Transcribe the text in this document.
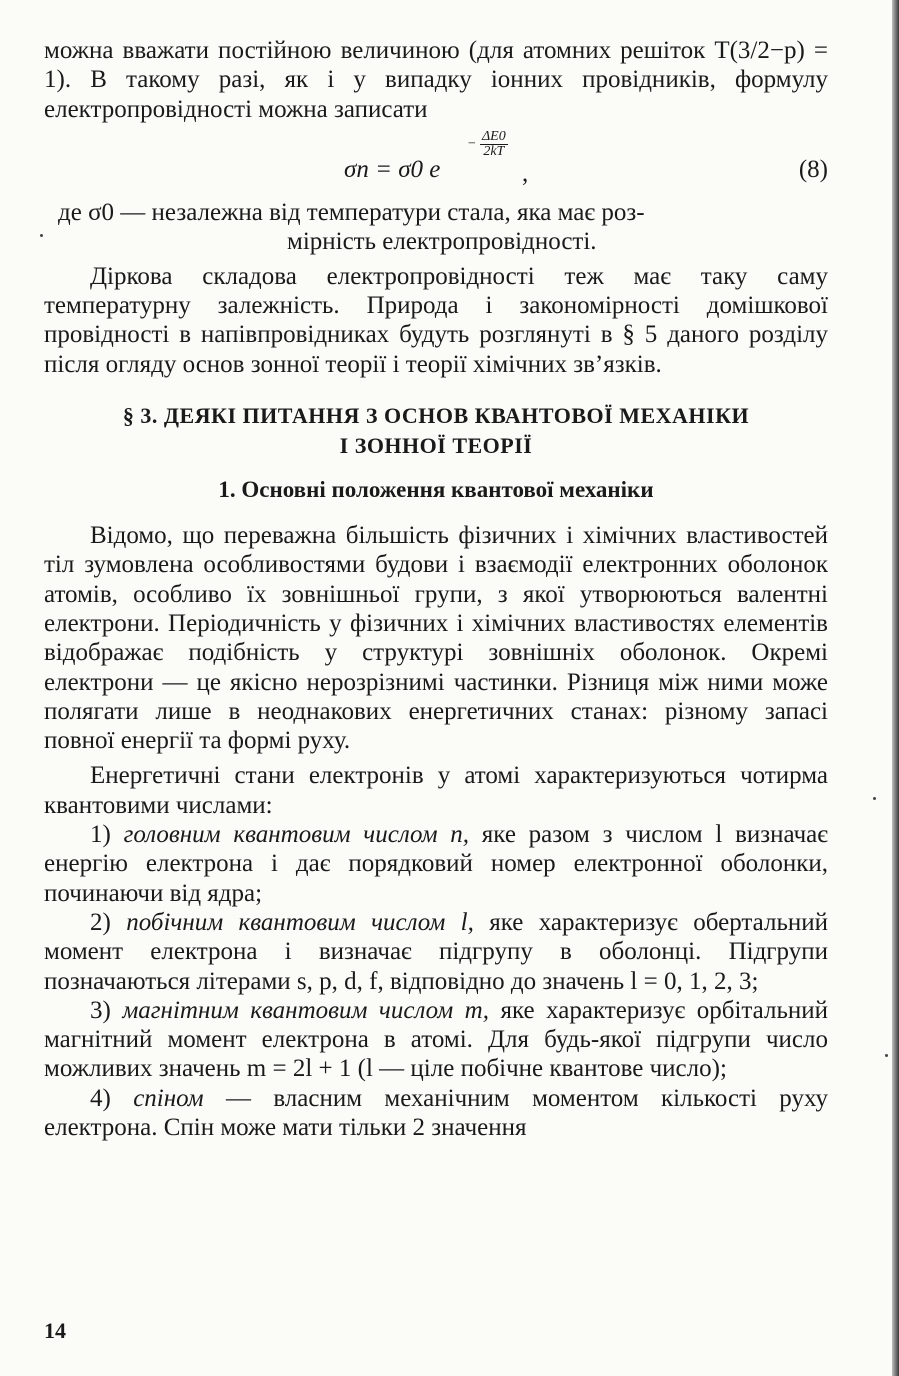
можна вважати постійною величиною (для атомних решіток T(3/2−p) = 1). В такому разі, як і у випадку іонних провідників, формулу електропровідності можна записати

σn = σ0 e
− $\frac{\Delta E0}{2kT}$
,	(8)

де σ0 — незалежна від температури стала, яка має роз-
мірність електропровідності.

Діркова складова електропровідності теж має таку саму температурну залежність. Природа і закономірності домішкової провідності в напівпровідниках будуть розглянуті в § 5 даного розділу після огляду основ зонної теорії і теорії хімічних зв’язків.

§ 3. ДЕЯКІ ПИТАННЯ З ОСНОВ КВАНТОВОЇ МЕХАНІКИ
І ЗОННОЇ ТЕОРІЇ
1. Основні положення квантової механіки

Відомо, що переважна більшість фізичних і хімічних властивостей тіл зумовлена особливостями будови і взаємодії електронних оболонок атомів, особливо їх зовнішньої групи, з якої утворюються валентні електрони. Періодичність у фізичних і хімічних властивостях елементів відображає подібність у структурі зовнішніх оболонок. Окремі електрони — це якісно нерозрізнимі частинки. Різниця між ними може полягати лише в неоднакових енергетичних станах: різному запасі повної енергії та формі руху.

Енергетичні стани електронів у атомі характеризуються чотирма квантовими числами:

1) головним квантовим числом n, яке разом з числом l визначає енергію електрона і дає порядковий номер електронної оболонки, починаючи від ядра;

2) побічним квантовим числом l, яке характеризує обертальний момент електрона і визначає підгрупу в оболонці. Підгрупи позначаються літерами s, p, d, f, відповідно до значень l = 0, 1, 2, 3;

3) магнітним квантовим числом m, яке характеризує орбітальний магнітний момент електрона в атомі. Для будь-якої підгрупи число можливих значень m = 2l + 1 (l — ціле побічне квантове число);

4) спіном — власним механічним моментом кількості руху електрона. Спін може мати тільки 2 значення

14
